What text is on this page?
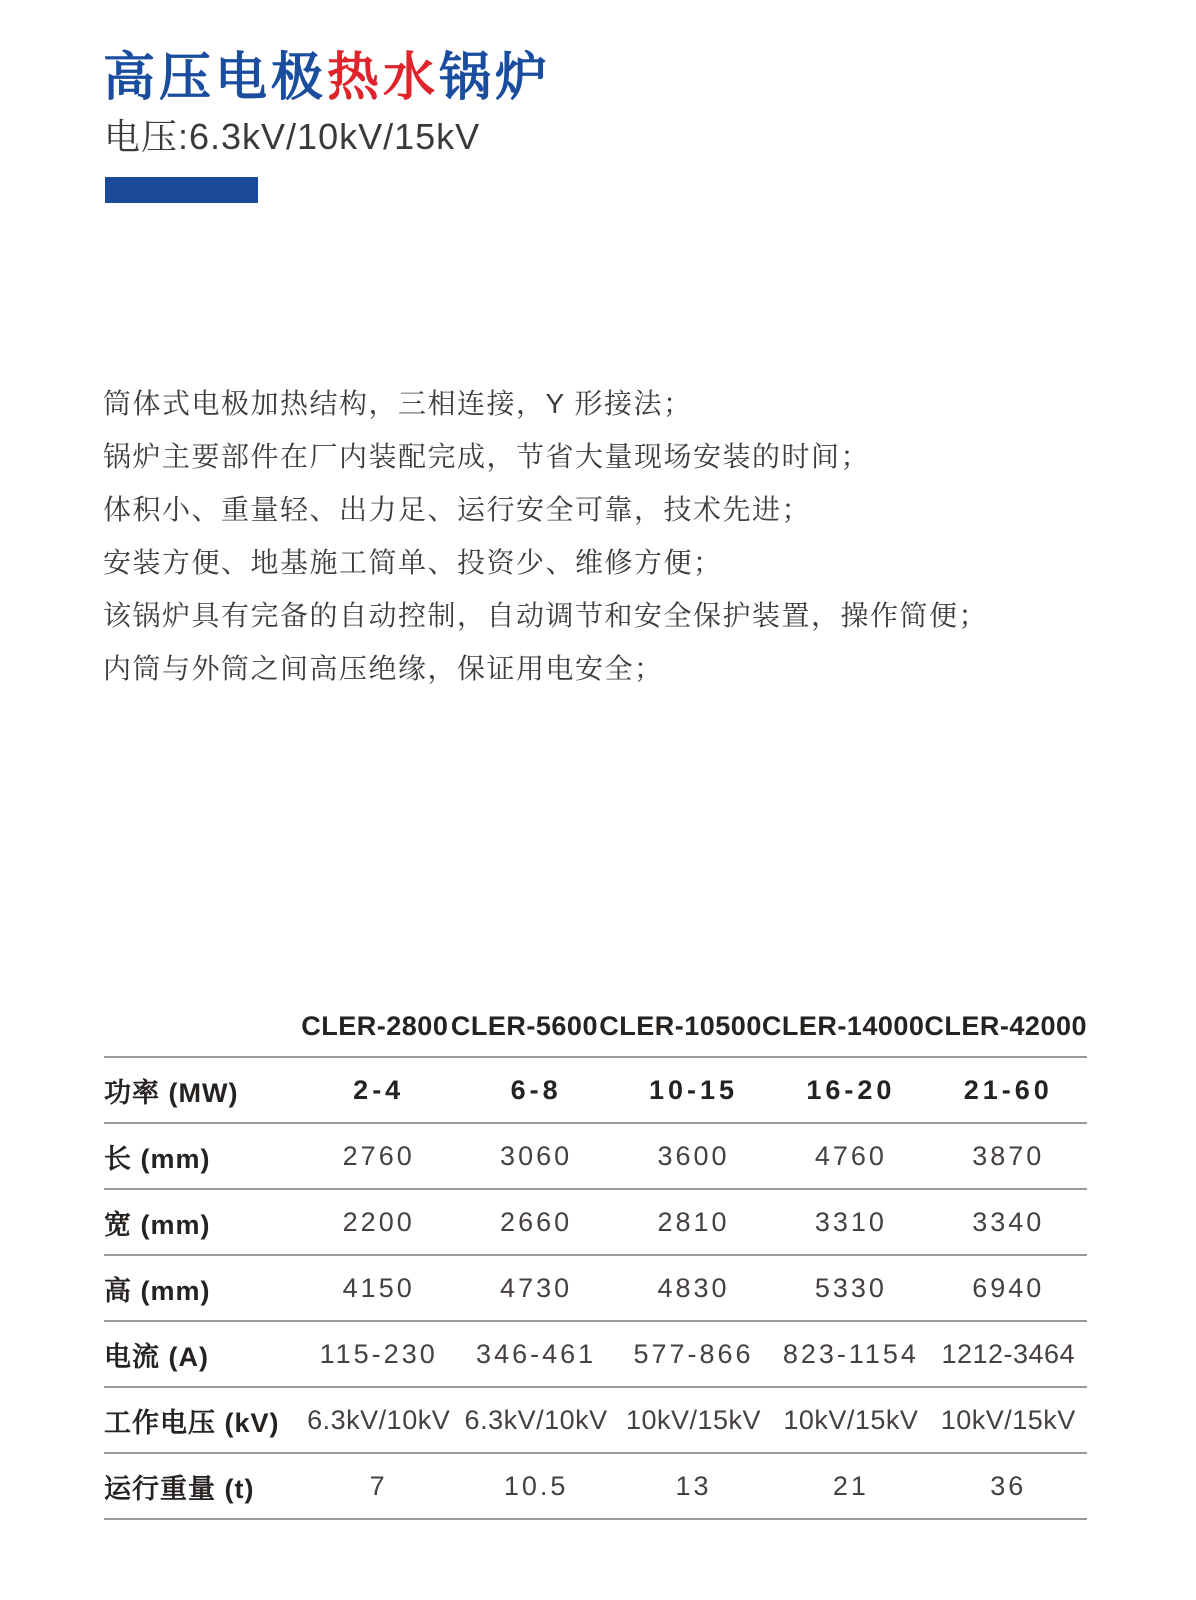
高压电极热水锅炉
电压:6.3kV/10kV/15kV
筒体式电极加热结构，三相连接，Y 形接法；
锅炉主要部件在厂内装配完成，节省大量现场安装的时间；
体积小、重量轻、出力足、运行安全可靠，技术先进；
安装方便、地基施工简单、投资少、维修方便；
该锅炉具有完备的自动控制，自动调节和安全保护装置，操作简便；
内筒与外筒之间高压绝缘，保证用电安全；
CLER-2800 CLER-5600 CLER-10500 CLER-14000 CLER-42000
功率 (MW)	2-4	6-8	10-15	16-20	21-60
长 (mm)	2760	3060	3600	4760	3870
宽 (mm)	2200	2660	2810	3310	3340
高 (mm)	4150	4730	4830	5330	6940
电流 (A)	115-230	346-461	577-866	823-1154 1212-3464
工作电压 (kV)	6.3kV/10kV 6.3kV/10kV 10kV/15kV 10kV/15kV 10kV/15kV
运行重量 (t)	7	10.5	13	21	36
